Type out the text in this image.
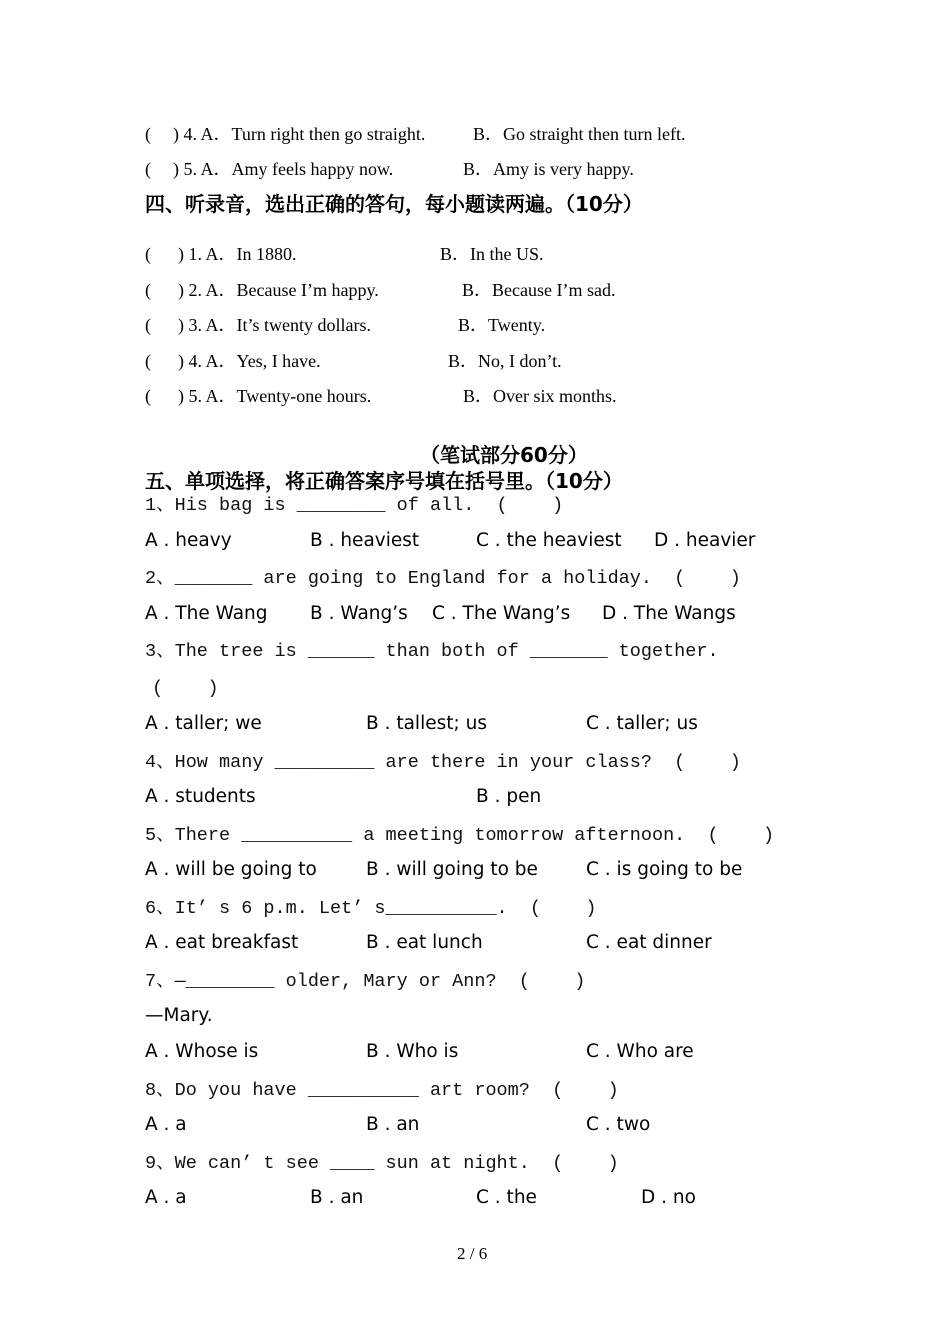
2 / 6
( ) 4. A．Turn right then go straight.	B．Go straight then turn left.
( ) 5. A．Amy feels happy now.	B．Amy is very happy.
四、听录音，选出正确的答句，每小题读两遍。（10分）
( ) 1. A．In 1880.	B．In the US.
( ) 2. A．Because I’m happy.	B．Because I’m sad.
( ) 3. A．It’s twenty dollars.	B．Twenty.
( ) 4. A．Yes, I have.	B．No, I don’t.
( ) 5. A．Twenty-one hours.	B．Over six months.
（笔试部分60分）
五、单项选择，将正确答案序号填在括号里。（10分）
1、His bag is ________ of all.  (    )
A . heavy	B . heaviest	C . the heaviest D . heavier
2、_______ are going to England for a holiday.  (    )
A . The Wang B . Wang’s C . The Wang’s D . The Wangs
3、The tree is ______ than both of _______ together.
(    )
A . taller; we	B . tallest; us	C . taller; us
4、How many _________ are there in your class?  (    )
A . students	B . pen
5、There __________ a meeting tomorrow afternoon.  (    )
A . will be going to	B . will going to be	C . is going to be
6、It’ s 6 p.m. Let’ s__________.  (    )
A . eat breakfast	B . eat lunch	C . eat dinner
7、—________ older, Mary or Ann?  (    )
—Mary.
A . Whose is	B . Who is	C . Who are
8、Do you have __________ art room?  (    )
A . a	B . an	C . two
9、We can’ t see ____ sun at night.  (    )
A . a	B . an	C . the	D . no
